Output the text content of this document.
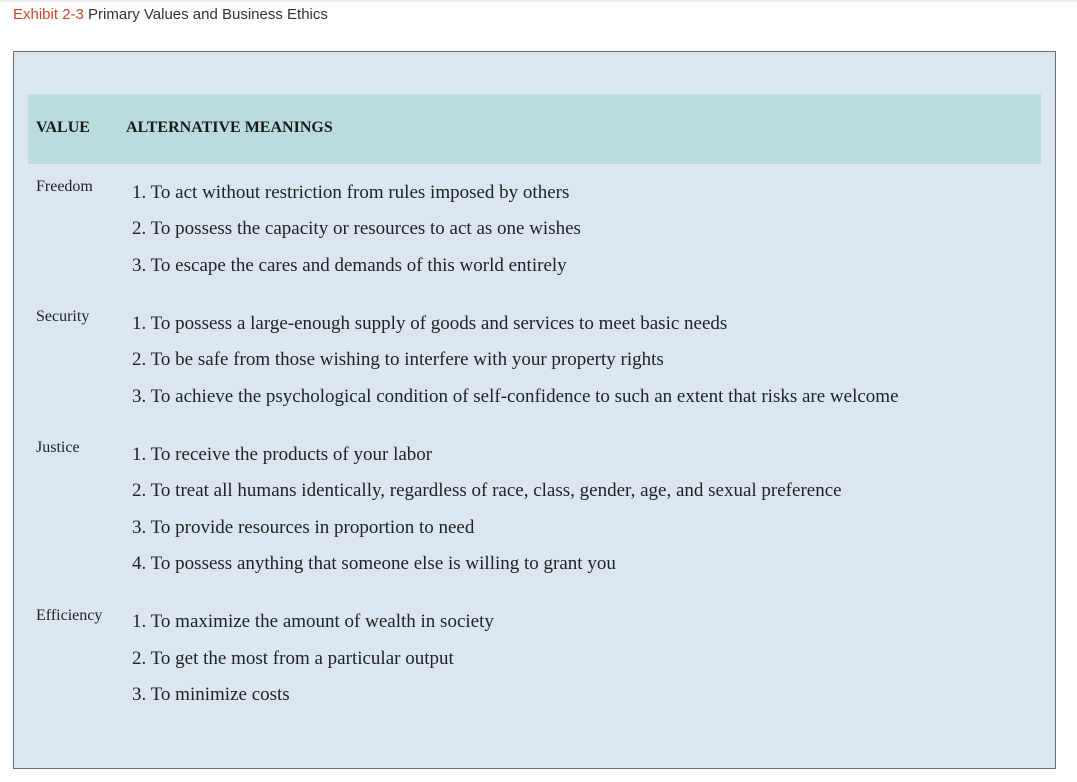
Exhibit 2-3 Primary Values and Business Ethics
VALUE ALTERNATIVE MEANINGS
Freedom 1. To act without restriction from rules imposed by others
2. To possess the capacity or resources to act as one wishes
3. To escape the cares and demands of this world entirely
Security 1. To possess a large-enough supply of goods and services to meet basic needs
2. To be safe from those wishing to interfere with your property rights
3. To achieve the psychological condition of self-confidence to such an extent that risks are welcome
Justice	1. To receive the products of your labor
2. To treat all humans identically, regardless of race, class, gender, age, and sexual preference
3. To provide resources in proportion to need
4. To possess anything that someone else is willing to grant you
Efficiency 1. To maximize the amount of wealth in society
2. To get the most from a particular output
3. To minimize costs
